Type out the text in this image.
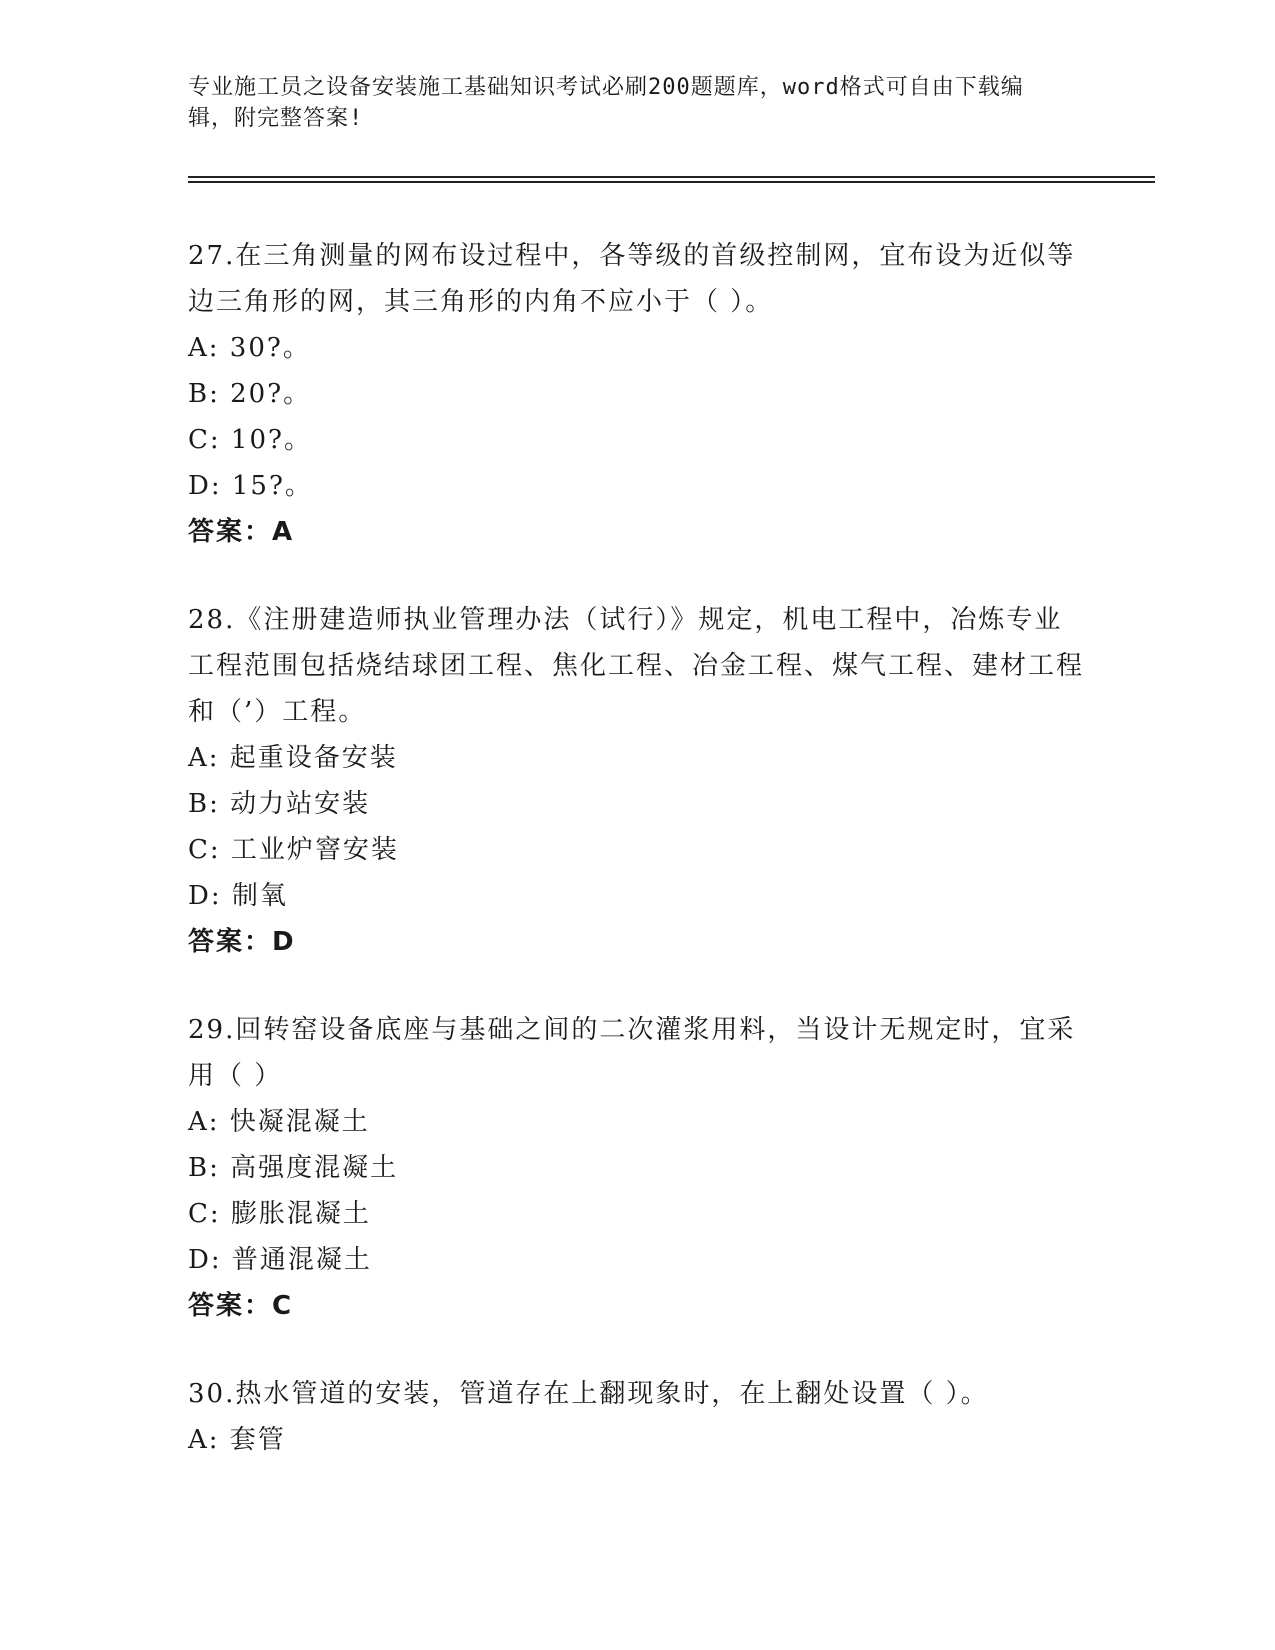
专业施工员之设备安装施工基础知识考试必刷200题题库，word格式可自由下载编辑，附完整答案!

27.在三角测量的网布设过程中，各等级的首级控制网，宜布设为近似等边三角形的网，其三角形的内角不应小于（ ）。

A: 30?。

B: 20?。

C: 10?。

D: 15?。

答案：A

28.《注册建造师执业管理办法（试行）》规定，机电工程中，冶炼专业工程范围包括烧结球团工程、焦化工程、冶金工程、煤气工程、建材工程和（’）工程。

A: 起重设备安装

B: 动力站安装

C: 工业炉窨安装

D: 制氧

答案：D

29.回转窑设备底座与基础之间的二次灌浆用料，当设计无规定时，宜采用（ ）

A: 快凝混凝土

B: 高强度混凝土

C: 膨胀混凝土

D: 普通混凝土

答案：C

30.热水管道的安装，管道存在上翻现象时，在上翻处设置（ ）。

A: 套管
